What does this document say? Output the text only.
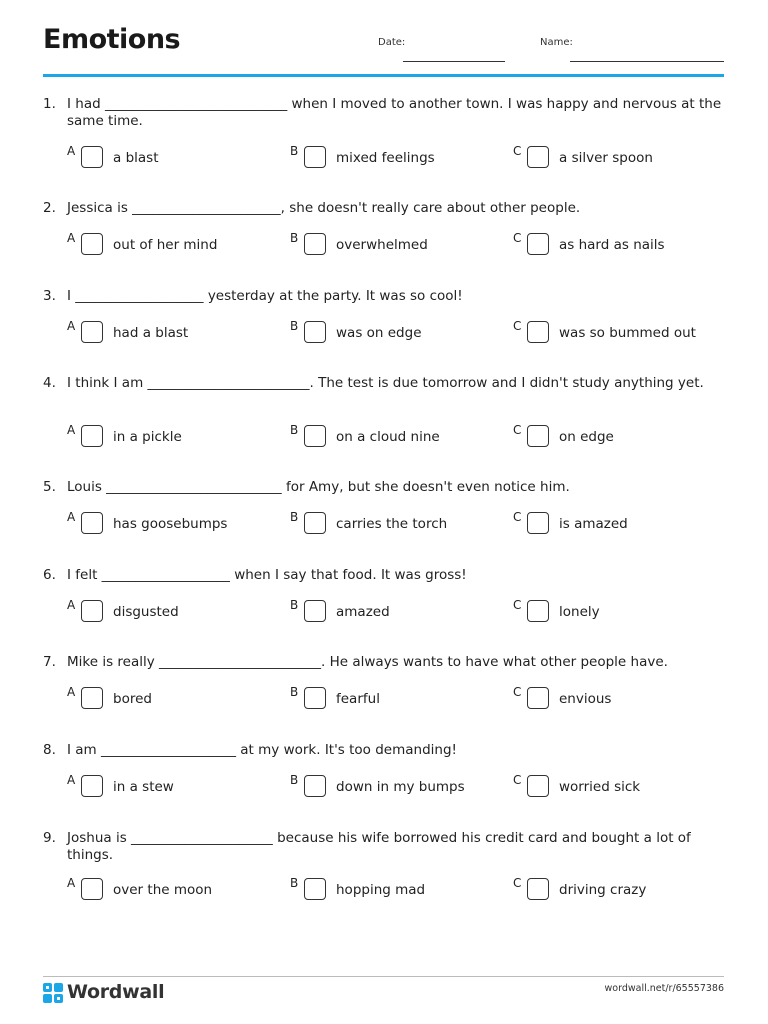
Emotions	Date:	Name:
1. I had ___________________________ when I moved to another town. I was happy and nervous at the same time.
A	a blast	B	mixed feelings	C	a silver spoon
2. Jessica is ______________________, she doesn't really care about other people.
A	out of her mind	B	overwhelmed	C	as hard as nails
3. I ___________________ yesterday at the party. It was so cool!
A	had a blast	B	was on edge	C	was so bummed out
4. I think I am ________________________. The test is due tomorrow and I didn't study anything yet.
A	in a pickle	B	on a cloud nine	C	on edge
5. Louis __________________________ for Amy, but she doesn't even notice him.
A	has goosebumps	B	carries the torch	C	is amazed
6. I felt ___________________ when I say that food. It was gross!
A	disgusted	B	amazed	C	lonely
7. Mike is really ________________________. He always wants to have what other people have.
A	bored	B	fearful	C	envious
8. I am ____________________ at my work. It's too demanding!
A	in a stew	B	down in my bumps	C	worried sick
9. Joshua is _____________________ because his wife borrowed his credit card and bought a lot of things.
A	over the moon	B	hopping mad	C	driving crazy
Wordwall	wordwall.net/r/65557386
